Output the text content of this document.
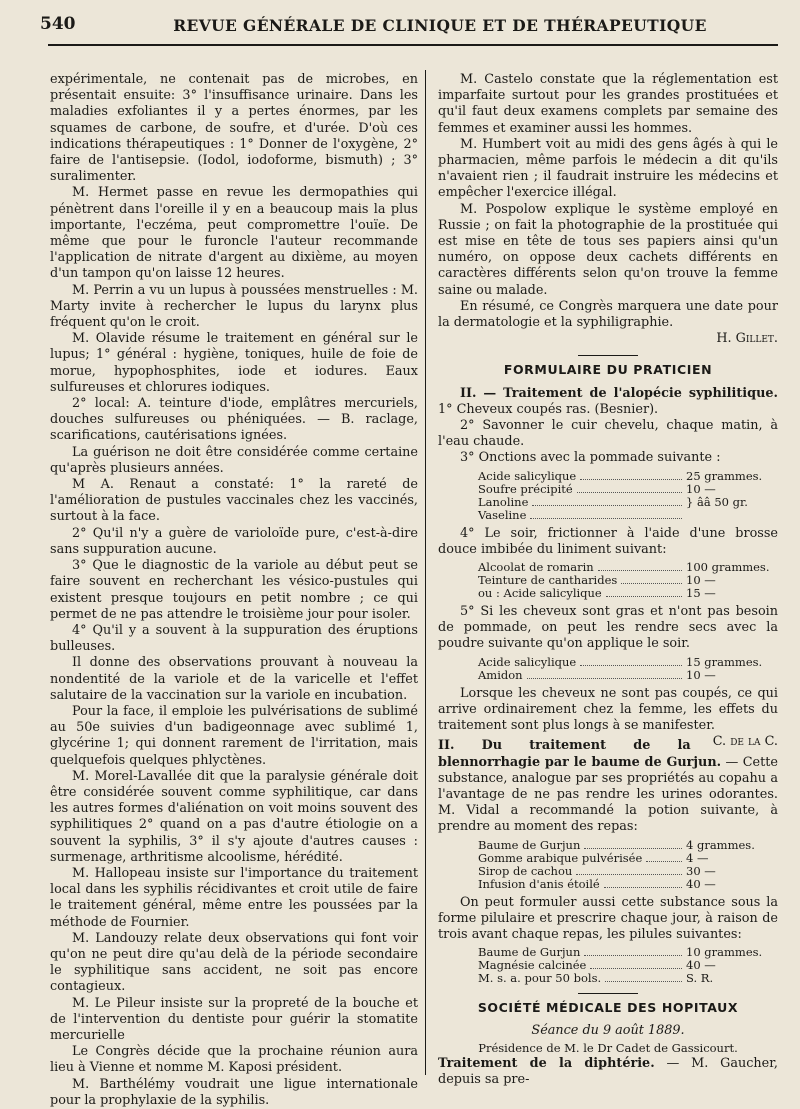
540	REVUE GÉNÉRALE DE CLINIQUE ET DE THÉRAPEUTIQUE

expérimentale, ne contenait pas de microbes, en présentait ensuite: 3° l'insuffisance urinaire. Dans les maladies exfoliantes il y a pertes énormes, par les squames de carbone, de soufre, et d'urée. D'où ces indications thérapeutiques : 1° Donner de l'oxygène, 2° faire de l'antisepsie. (Iodol, iodoforme, bismuth) ; 3° suralimenter.

M. Hermet passe en revue les dermopathies qui pénètrent dans l'oreille il y en a beaucoup mais la plus importante, l'eczéma, peut compromettre l'ouïe. De même que pour le furoncle l'auteur recommande l'application de nitrate d'argent au dixième, au moyen d'un tampon qu'on laisse 12 heures.

M. Perrin a vu un lupus à poussées menstruelles : M. Marty invite à rechercher le lupus du larynx plus fréquent qu'on le croit.

M. Olavide résume le traitement en général sur le lupus; 1° général : hygiène, toniques, huile de foie de morue, hypophosphites, iode et iodures. Eaux sulfureuses et chlorures iodiques.

2° local: A. teinture d'iode, emplâtres mercuriels, douches sulfureuses ou phéniquées. — B. raclage, scarifications, cautérisations ignées.

La guérison ne doit être considérée comme certaine qu'après plusieurs années.

M A. Renaut a constaté: 1° la rareté de l'amélioration de pustules vaccinales chez les vaccinés, surtout à la face.

2° Qu'il n'y a guère de varioloïde pure, c'est-à-dire sans suppuration aucune.

3° Que le diagnostic de la variole au début peut se faire souvent en recherchant les vésico-pustules qui existent presque toujours en petit nombre ; ce qui permet de ne pas attendre le troisième jour pour isoler.

4° Qu'il y a souvent à la suppuration des éruptions bulleuses.

Il donne des observations prouvant à nouveau la nondentité de la variole et de la varicelle et l'effet salutaire de la vaccination sur la variole en incubation.

Pour la face, il emploie les pulvérisations de sublimé au 50e suivies d'un badigeonnage avec sublimé 1, glycérine 1; qui donnent rarement de l'irritation, mais quelquefois quelques phlyctènes.

M. Morel-Lavallée dit que la paralysie générale doit être considérée souvent comme syphilitique, car dans les autres formes d'aliénation on voit moins souvent des syphilitiques 2° quand on a pas d'autre étiologie on a souvent la syphilis, 3° il s'y ajoute d'autres causes : surmenage, arthritisme alcoolisme, hérédité.

M. Hallopeau insiste sur l'importance du traitement local dans les syphilis récidivantes et croit utile de faire le traitement général, même entre les poussées par la méthode de Fournier.

M. Landouzy relate deux observations qui font voir qu'on ne peut dire qu'au delà de la période secondaire le syphilitique sans accident, ne soit pas encore contagieux.

M. Le Pileur insiste sur la propreté de la bouche et de l'intervention du dentiste pour guérir la stomatite mercurielle

Le Congrès décide que la prochaine réunion aura lieu à Vienne et nomme M. Kaposi président.

M. Barthélémy voudrait une ligue internationale pour la prophylaxie de la syphilis.

M. Castelo constate que la réglementation est imparfaite surtout pour les grandes prostituées et qu'il faut deux examens complets par semaine des femmes et examiner aussi les hommes.

M. Humbert voit au midi des gens âgés à qui le pharmacien, même parfois le médecin a dit qu'ils n'avaient rien ; il faudrait instruire les médecins et empêcher l'exercice illégal.

M. Pospolow explique le système employé en Russie ; on fait la photographie de la prostituée qui est mise en tête de tous ses papiers ainsi qu'un numéro, on oppose deux cachets différents en caractères différents selon qu'on trouve la femme saine ou malade.

En résumé, ce Congrès marquera une date pour la dermatologie et la syphiligraphie.

H. Gillet.
FORMULAIRE DU PRATICIEN

II. — Traitement de l'alopécie syphilitique. 1° Cheveux coupés ras. (Besnier).

2° Savonner le cuir chevelu, chaque matin, à l'eau chaude.

3° Onctions avec la pommade suivante :

Acide salicylique	25 grammes.
Soufre précipité	10 —
Lanoline	} ââ 50 gr.
Vaseline

4° Le soir, frictionner à l'aide d'une brosse douce imbibée du liniment suivant:

Alcoolat de romarin	100 grammes.
Teinture de cantharides	10 —
ou : Acide salicylique	15 —

5° Si les cheveux sont gras et n'ont pas besoin de pommade, on peut les rendre secs avec la poudre suivante qu'on applique le soir.

Acide salicylique	15 grammes.
Amidon	10 —

Lorsque les cheveux ne sont pas coupés, ce qui arrive ordinairement chez la femme, les effets du traitement sont plus longs à se manifester.
C. de la C.

II. Du traitement de la blennorrhagie par le baume de Gurjun. — Cette substance, analogue par ses propriétés au copahu a l'avantage de ne pas rendre les urines odorantes. M. Vidal a recommandé la potion suivante, à prendre au moment des repas:

Baume de Gurjun	4 grammes.
Gomme arabique pulvérisée	4 —
Sirop de cachou	30 —
Infusion d'anis étoilé	40 —

On peut formuler aussi cette substance sous la forme pilulaire et prescrire chaque jour, à raison de trois avant chaque repas, les pilules suivantes:

Baume de Gurjun	10 grammes.
Magnésie calcinée	40 —
M. s. a. pour 50 bols.	S. R.
SOCIÉTÉ MÉDICALE DES HOPITAUX
Séance du 9 août 1889.
Présidence de M. le Dr Cadet de Gassicourt.

Traitement de la diphtérie. — M. Gaucher, depuis sa pre-
